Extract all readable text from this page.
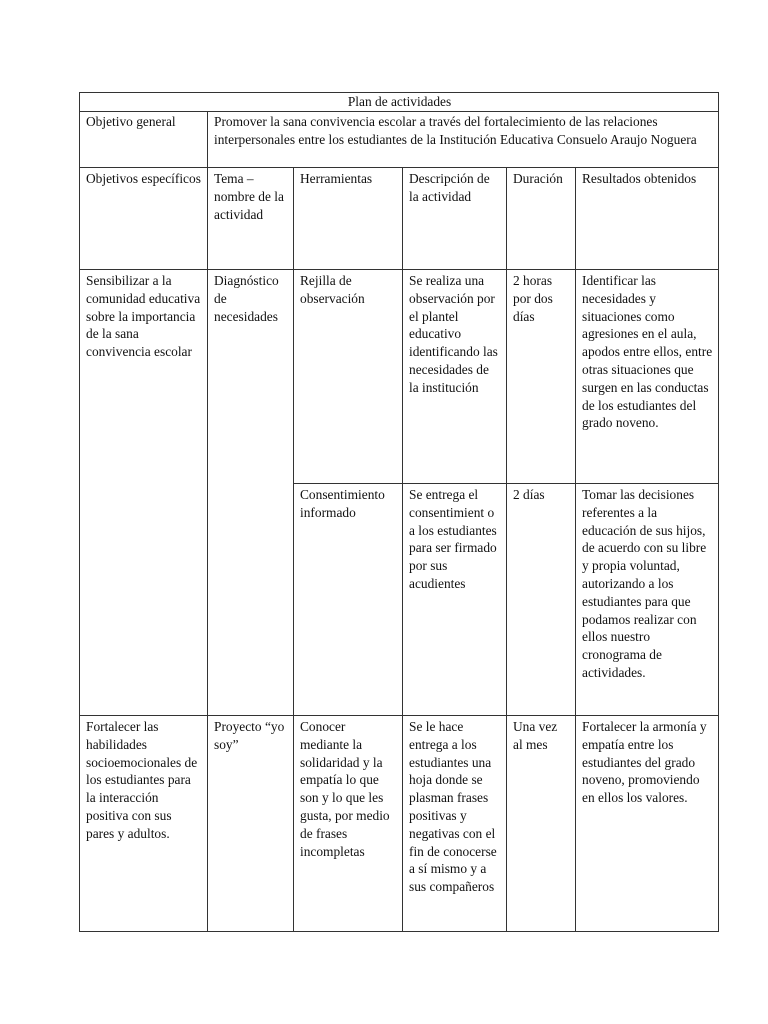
Plan de actividades					
Objetivo general	Promover la sana convivencia escolar a través del fortalecimiento de las relaciones interpersonales entre los estudiantes de la Institución Educativa Consuelo Araujo Noguera				
Objetivos específicos	Tema – nombre de la actividad	Herramientas	Descripción de la actividad	Duración	Resultados obtenidos
Sensibilizar a la comunidad educativa sobre la importancia de la sana convivencia escolar	Diagnóstico de necesidades	Rejilla de observación	Se realiza una observación por el plantel educativo identificando las necesidades de la institución	2 horas por dos días	Identificar las necesidades y situaciones como agresiones en el aula, apodos entre ellos, entre otras situaciones que surgen en las conductas de los estudiantes del grado noveno.
		Consentimiento informado	Se entrega el consentimient o a los estudiantes para ser firmado por sus acudientes	2 días	Tomar las decisiones referentes a la educación de sus hijos, de acuerdo con su libre y propia voluntad, autorizando a los estudiantes para que podamos realizar con ellos nuestro cronograma de actividades.
Fortalecer las habilidades socioemocionales de los estudiantes para la interacción positiva con sus pares y adultos.	Proyecto “yo soy”	Conocer mediante la solidaridad y la empatía lo que son y lo que les gusta, por medio de frases incompletas	Se le hace entrega a los estudiantes una hoja donde se plasman frases positivas y negativas con el fin de conocerse a sí mismo y a sus compañeros	Una vez al mes	Fortalecer la armonía y empatía entre los estudiantes del grado noveno, promoviendo en ellos los valores.
